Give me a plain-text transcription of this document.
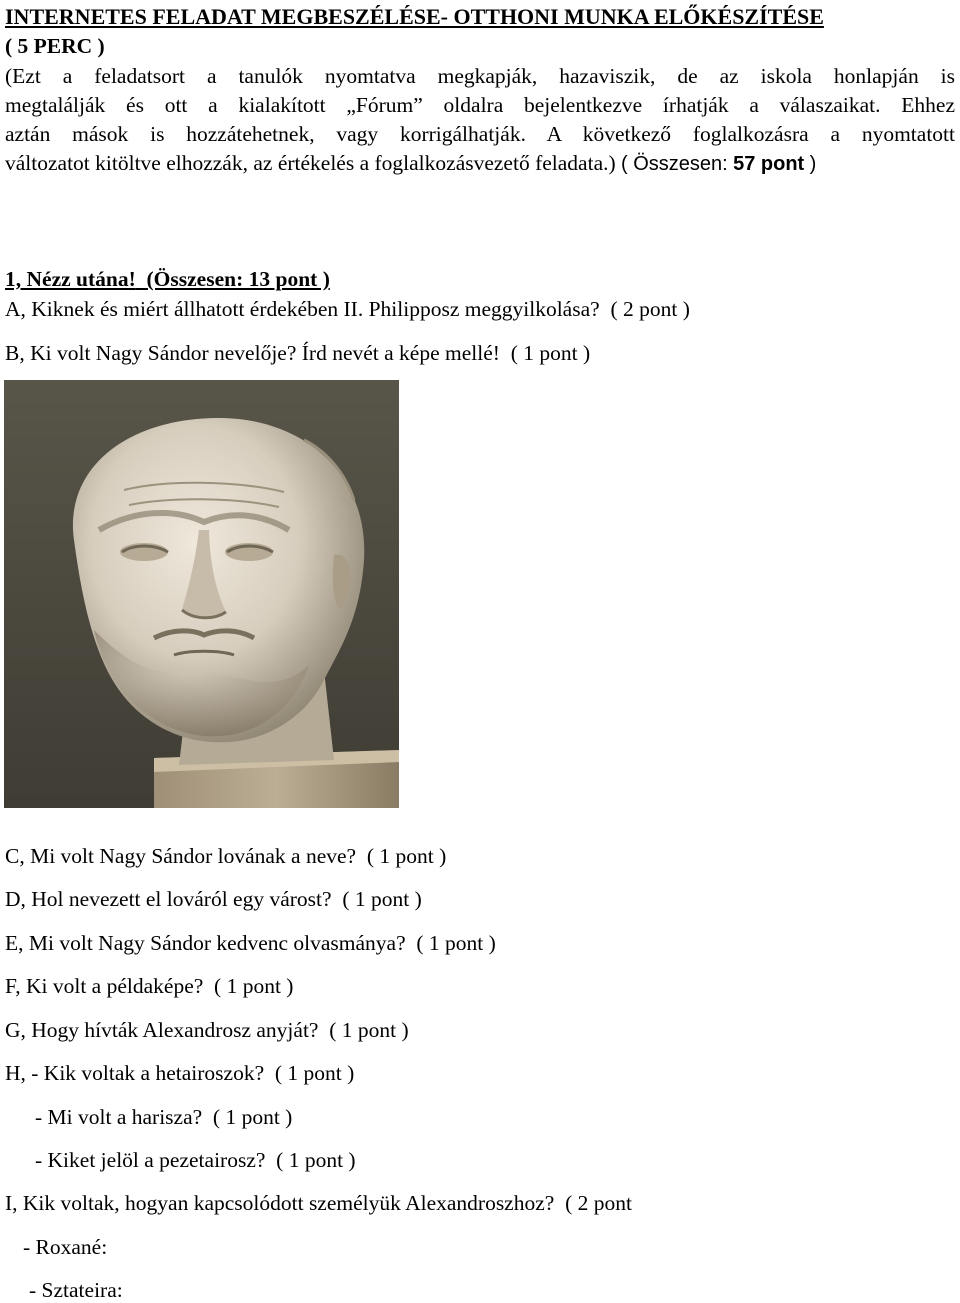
INTERNETES FELADAT MEGBESZÉLÉSE- OTTHONI MUNKA ELŐKÉSZÍTÉSE
( 5 PERC )
(Ezt a feladatsort a tanulók nyomtatva megkapják, hazaviszik, de az iskola honlapján is
megtalálják és ott a kialakított „Fórum” oldalra bejelentkezve írhatják a válaszaikat. Ehhez
aztán mások is hozzátehetnek, vagy korrigálhatják. A következő foglalkozásra a nyomtatott
változatot kitöltve elhozzák, az értékelés a foglalkozásvezető feladata.) ( Összesen: 57 pont )
1, Nézz utána! (Összesen: 13 pont )
A, Kiknek és miért állhatott érdekében II. Philipposz meggyilkolása? ( 2 pont )
B, Ki volt Nagy Sándor nevelője? Írd nevét a képe mellé! ( 1 pont )
C, Mi volt Nagy Sándor lovának a neve? ( 1 pont )
D, Hol nevezett el lováról egy várost? ( 1 pont )
E, Mi volt Nagy Sándor kedvenc olvasmánya? ( 1 pont )
F, Ki volt a példaképe? ( 1 pont )
G, Hogy hívták Alexandrosz anyját? ( 1 pont )
H, - Kik voltak a hetairoszok? ( 1 pont )
- Mi volt a harisza? ( 1 pont )
- Kiket jelöl a pezetairosz? ( 1 pont )
I, Kik voltak, hogyan kapcsolódott személyük Alexandroszhoz? ( 2 pont
- Roxané:
- Sztateira:
